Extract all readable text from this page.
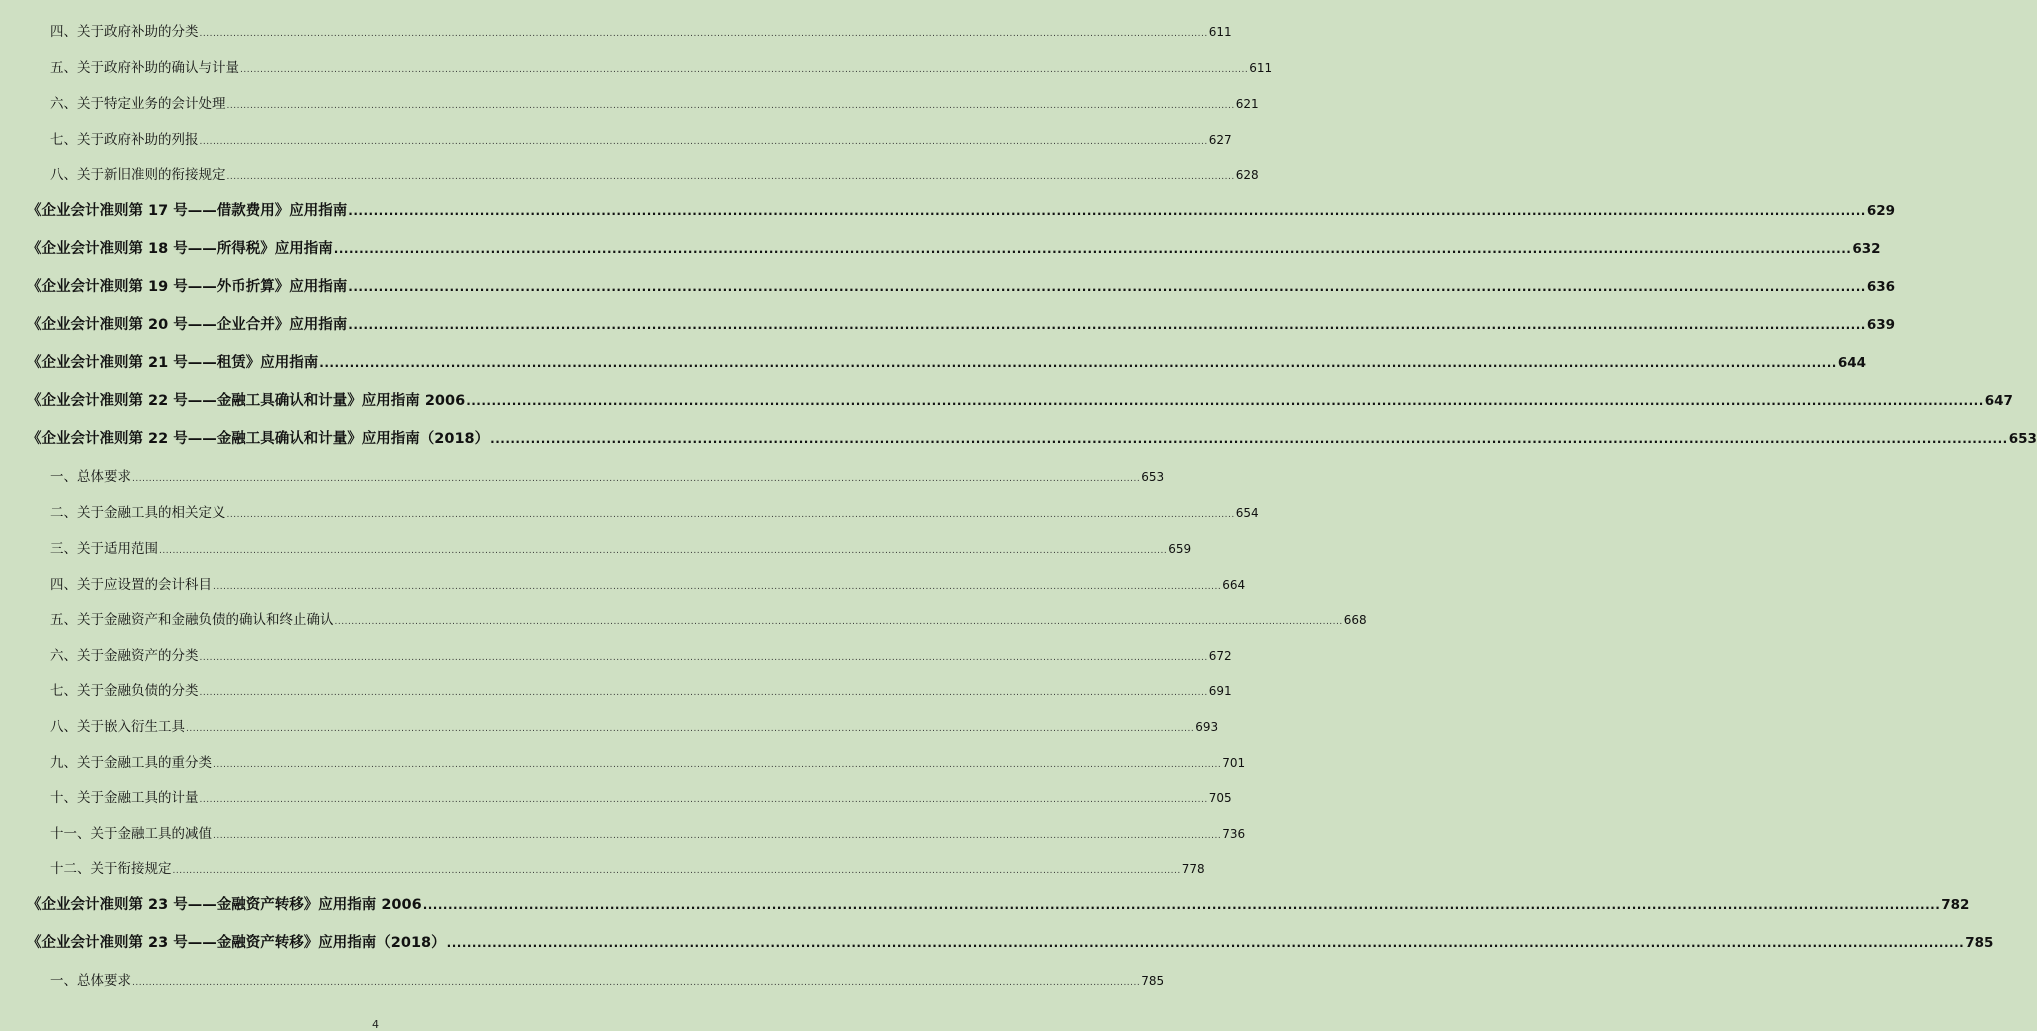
四、关于政府补助的分类 ............................................................................................................................................................................................................................................................................................................ 611
五、关于政府补助的确认与计量 ............................................................................................................................................................................................................................................................................................................ 611
六、关于特定业务的会计处理 ............................................................................................................................................................................................................................................................................................................ 621
七、关于政府补助的列报 ............................................................................................................................................................................................................................................................................................................ 627
八、关于新旧准则的衔接规定 ............................................................................................................................................................................................................................................................................................................ 628
《企业会计准则第 17 号——借款费用》应用指南 ............................................................................................................................................................................................................................................................................................................ 629
《企业会计准则第 18 号——所得税》应用指南 ............................................................................................................................................................................................................................................................................................................ 632
《企业会计准则第 19 号——外币折算》应用指南 ............................................................................................................................................................................................................................................................................................................ 636
《企业会计准则第 20 号——企业合并》应用指南 ............................................................................................................................................................................................................................................................................................................ 639
《企业会计准则第 21 号——租赁》应用指南 ............................................................................................................................................................................................................................................................................................................ 644
《企业会计准则第 22 号——金融工具确认和计量》应用指南 2006 ............................................................................................................................................................................................................................................................................................................ 647
《企业会计准则第 22 号——金融工具确认和计量》应用指南（2018） ............................................................................................................................................................................................................................................................................................................ 653
一、总体要求 ............................................................................................................................................................................................................................................................................................................ 653
二、关于金融工具的相关定义 ............................................................................................................................................................................................................................................................................................................ 654
三、关于适用范围 ............................................................................................................................................................................................................................................................................................................ 659
四、关于应设置的会计科目 ............................................................................................................................................................................................................................................................................................................ 664
五、关于金融资产和金融负债的确认和终止确认 ............................................................................................................................................................................................................................................................................................................ 668
六、关于金融资产的分类 ............................................................................................................................................................................................................................................................................................................ 672
七、关于金融负债的分类 ............................................................................................................................................................................................................................................................................................................ 691
八、关于嵌入衍生工具 ............................................................................................................................................................................................................................................................................................................ 693
九、关于金融工具的重分类 ............................................................................................................................................................................................................................................................................................................ 701
十、关于金融工具的计量 ............................................................................................................................................................................................................................................................................................................ 705
十一、关于金融工具的减值 ............................................................................................................................................................................................................................................................................................................ 736
十二、关于衔接规定 ............................................................................................................................................................................................................................................................................................................ 778
《企业会计准则第 23 号——金融资产转移》应用指南 2006 ............................................................................................................................................................................................................................................................................................................ 782
《企业会计准则第 23 号——金融资产转移》应用指南（2018） ............................................................................................................................................................................................................................................................................................................ 785
一、总体要求 ............................................................................................................................................................................................................................................................................................................ 785
4
